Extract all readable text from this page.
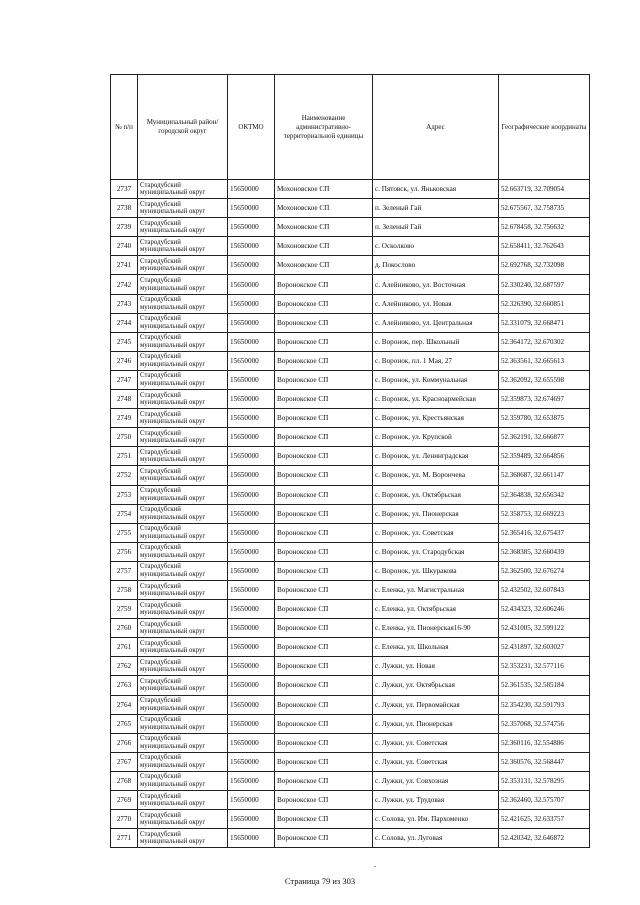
№ п/п	Муниципальный район/городской округ	ОКТМО	Наименование административно-территориальной единицы	Адрес	Географические координаты
2737	Стародубский муниципальный округ	15650000	Мохоновское СП	с. Пятовск, ул. Яньковская	52.663719, 32.709054
2738	Стародубский муниципальный округ	15650000	Мохоновское СП	п. Зеленый Гай	52.675567, 32.758735
2739	Стародубский муниципальный округ	15650000	Мохоновское СП	п. Зеленый Гай	52.678458, 32.756632
2740	Стародубский муниципальный округ	15650000	Мохоновское СП	с. Осколково	52.658411, 32.762643
2741	Стародубский муниципальный округ	15650000	Мохоновское СП	д. Покослово	52.692768, 32.732098
2742	Стародубский муниципальный округ	15650000	Воронокское СП	с. Алейниково, ул. Восточная	52.330240, 32.687597
2743	Стародубский муниципальный округ	15650000	Воронокское СП	с. Алейниково, ул. Новая	52.326390, 32.660851
2744	Стародубский муниципальный округ	15650000	Воронокское СП	с. Алейниково, ул. Центральная	52.331079, 32.668471
2745	Стародубский муниципальный округ	15650000	Воронокское СП	с. Воронок, пер. Школьный	52.364172, 32.670302
2746	Стародубский муниципальный округ	15650000	Воронокское СП	с. Воронок, пл. 1 Мая, 27	52.363561, 32.665613
2747	Стародубский муниципальный округ	15650000	Воронокское СП	с. Воронок, ул. Коммунальная	52.362092, 32.655598
2748	Стародубский муниципальный округ	15650000	Воронокское СП	с. Воронок, ул. Красноармейская	52.359873, 32.674697
2749	Стародубский муниципальный округ	15650000	Воронокское СП	с. Воронок, ул. Крестьянская	52.359780, 32.653875
2750	Стародубский муниципальный округ	15650000	Воронокское СП	с. Воронок, ул. Крупской	52.362191, 32.666877
2751	Стародубский муниципальный округ	15650000	Воронокское СП	с. Воронок, ул. Ленинградская	52.359489, 32.664856
2752	Стародубский муниципальный округ	15650000	Воронокское СП	с. Воронок, ул. М. Ворончева	52.368687, 32.661147
2753	Стародубский муниципальный округ	15650000	Воронокское СП	с. Воронок, ул. Октябрьская	52.364838, 32.656342
2754	Стародубский муниципальный округ	15650000	Воронокское СП	с. Воронок, ул. Пионерская	52.358753, 32.669223
2755	Стародубский муниципальный округ	15650000	Воронокское СП	с. Воронок, ул. Советская	52.365416, 32.675437
2756	Стародубский муниципальный округ	15650000	Воронокское СП	с. Воронок, ул. Стародубская	52.368385, 32.660439
2757	Стародубский муниципальный округ	15650000	Воронокское СП	с. Воронок, ул. Шкуракова	52.362500, 32.676274
2758	Стародубский муниципальный округ	15650000	Воронокское СП	с. Еленка, ул. Магистральная	52.432502, 32.607843
2759	Стародубский муниципальный округ	15650000	Воронокское СП	с. Еленка, ул. Октябрьская	52.434323, 32.606246
2760	Стародубский муниципальный округ	15650000	Воронокское СП	с. Еленка, ул. Пионерская16-90	52.431005, 32.599122
2761	Стародубский муниципальный округ	15650000	Воронокское СП	с. Еленка, ул. Школьная	52.431897, 32.603027
2762	Стародубский муниципальный округ	15650000	Воронокское СП	с. Лужки, ул. Новая	52.353231, 32.577116
2763	Стародубский муниципальный округ	15650000	Воронокское СП	с. Лужки, ул. Октябрьская	52.361535, 32.585184
2764	Стародубский муниципальный округ	15650000	Воронокское СП	с. Лужки, ул. Первомайская	52.354230, 32.591793
2765	Стародубский муниципальный округ	15650000	Воронокское СП	с. Лужки, ул. Пионерская	52.357068, 32.574756
2766	Стародубский муниципальный округ	15650000	Воронокское СП	с. Лужки, ул. Советская	52.360116, 32.554886
2767	Стародубский муниципальный округ	15650000	Воронокское СП	с. Лужки, ул. Советская	52.360576, 32.568447
2768	Стародубский муниципальный округ	15650000	Воронокское СП	с. Лужки, ул. Совхозная	52.353131, 32.578295
2769	Стародубский муниципальный округ	15650000	Воронокское СП	с. Лужки, ул. Трудовая	52.362460, 32.575707
2770	Стародубский муниципальный округ	15650000	Воронокское СП	с. Солова, ул. Им. Пархоменко	52.421625, 32.633757
2771	Стародубский муниципальный округ	15650000	Воронокское СП	с. Солова, ул. Луговая	52.420342, 32.646872
Страница 79 из 303
